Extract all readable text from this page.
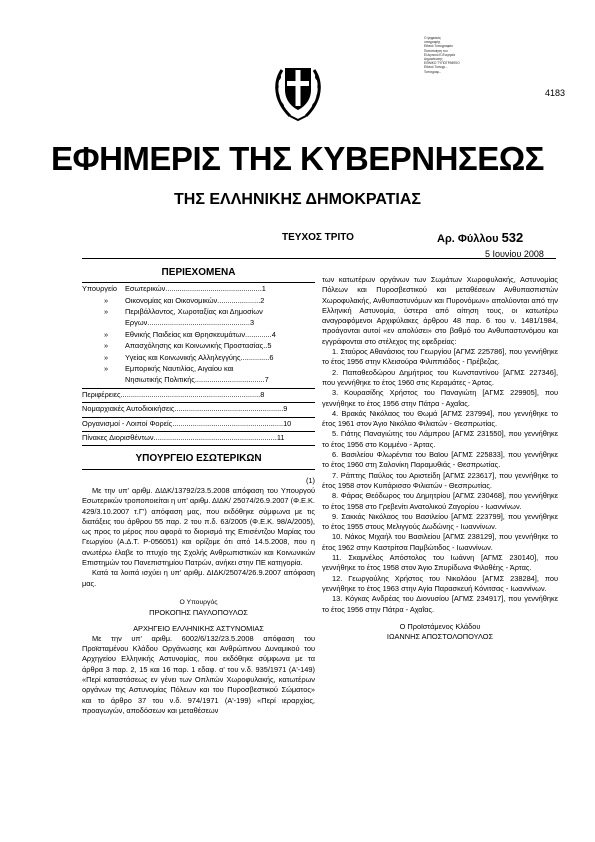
Ο ψηφιακός
υπογραφής
Εθνικό Τυπογραφείο
Πιστοποίηση του
Ελληνικού Ε-Ενεργεία
Δημοσίευσης
ΕΘΝΙΚΟ ΤΥΠΟΓΡΑΦΕΙΟ
Εθνικό Τυπογρ...
Τυπογραφ...
4183
ΕΦΗΜΕΡΙΣ ΤΗΣ ΚΥΒΕΡΝΗΣΕΩΣ
ΤΗΣ ΕΛΛΗΝΙΚΗΣ ΔΗΜΟΚΡΑΤΙΑΣ
ΤΕΥΧΟΣ ΤΡΙΤΟ	Αρ. Φύλλου 532
5 Ιουνίου 2008
ΠΕΡΙΕΧΟΜΕΝΑ
Υπουργείο Εσωτερικών...............................................1
» Οικονομίας και Οικονομικών.....................2
» Περιβάλλοντος, Χωροταξίας και Δημοσίων
Εργων..................................................3
» Εθνικής Παιδείας και Θρησκευμάτων.............4
» Απασχόλησης και Κοινωνικής Προστασίας..5
» Υγείας και Κοινωνικής Αλληλεγγύης..............6
» Εμπορικής Ναυτιλίας, Αιγαίου και
Νησιωτικής Πολιτικής..................................7
Περιφέρειες....................................................................8
Νομαρχιακές Αυτοδιοικήσεις.....................................................9
Οργανισμοί - Λοιποί Φορείς......................................................10
Πίνακες Διορισθέντων............................................................11
ΥΠΟΥΡΓΕΙΟ ΕΣΩΤΕΡΙΚΩΝ
(1)

Με την υπ' αριθμ. ΔΙΔΚ/13792/23.5.2008 απόφαση του Υπουργού Εσωτερικών τροποποιείται η υπ' αριθμ. ΔΙΔΚ/ 25074/26.9.2007 (Φ.Ε.Κ. 429/3.10.2007 τ.Γ') απόφαση μας, που εκδόθηκε σύμφωνα με τις διατάξεις του άρθρου 55 παρ. 2 του π.δ. 63/2005 (Φ.Ε.Κ. 98/Α/2005), ως προς το μέρος που αφορά το διορισμό της Επισέντζου Μαρίας του Γεωργίου (Α.Δ.Τ. Ρ-056051) και ορίζομε ότι από 14.5.2008, που η ανωτέρω έλαβε το πτυχίο της Σχολής Ανθρωπιστικών και Κοινωνικών Επιστημών του Πανεπιστημίου Πατρών, ανήκει στην ΠΕ κατηγορία.

Κατά τα λοιπά ισχύει η υπ' αριθμ. ΔΙΔΚ/25074/26.9.2007 απόφαση μας.

Ο Υπουργός
ΠΡΟΚΟΠΗΣ ΠΑΥΛΟΠΟΥΛΟΣ
ΑΡΧΗΓΕΙΟ ΕΛΛΗΝΙΚΗΣ ΑΣΤΥΝΟΜΙΑΣ

Με την υπ' αριθμ. 6002/6/132/23.5.2008 απόφαση του Προϊσταμένου Κλάδου Οργάνωσης και Ανθρώπινου Δυναμικού του Αρχηγείου Ελληνικής Αστυνομίας, που εκδόθηκε σύμφωνα με τα άρθρα 3 παρ. 2, 15 και 16 παρ. 1 εδαφ. α' του ν.δ. 935/1971 (Α'-149) «Περί καταστάσεως εν γένει των Οπλιτών Χωροφυλακής, κατωτέρων οργάνων της Αστυνομίας Πόλεων και του Πυροσβεστικού Σώματος» και το άρθρο 37 του ν.δ. 974/1971 (Α'-199) «Περί ιεραρχίας, προαγωγών, αποδόσεων και μεταθέσεων

των κατωτέρων οργάνων των Σωμάτων Χωροφυλακής, Αστυνομίας Πόλεων και Πυροσβεστικού και μεταθέσεων Ανθυπασπιστών Χωροφυλακής, Ανθυπαστυνόμων και Πυρονόμων» απολύονται από την Ελληνική Αστυνομία, ύστερα από αίτηση τους, οι κατωτέρω αναγραφόμενοι Αρχιφύλακες άρθρου 48 παρ. 6 του ν. 1481/1984, προάγονται αυτοί «εν απολύσει» στο βαθμό του Ανθυπαστυνόμου και εγγράφονται στο στέλεχος της εφεδρείας:

1. Σταύρος Αθανάσιος του Γεωργίου [ΑΓΜΣ 225786], που γεννήθηκε το έτος 1956 στην Κλεισούρα Φιλιππιάδος - Πρέβεζας.

2. Παπαθεοδώρου Δημήτριος του Κωνσταντίνου [ΑΓΜΣ 227346], που γεννήθηκε το έτος 1960 στις Κεραμάτες - Άρτας.

3. Κουρασίδης Χρήστος του Παναγιώτη [ΑΓΜΣ 229905], που γεννήθηκε το έτος 1956 στην Πάτρα - Αχαΐας.

4. Βρακάς Νικόλαος του Θωμά [ΑΓΜΣ 237994], που γεννήθηκε το έτος 1961 στον Άγιο Νικόλαο Φιλιατών - Θεσπρωτίας.

5. Γιάτης Παναγιώτης του Λάμπρου [ΑΓΜΣ 231550], που γεννήθηκε το έτος 1956 στο Κομμένο - Άρτας.

6. Βασιλείου Φλωρέντια του Βαϊου [ΑΓΜΣ 225833], που γεννήθηκε το έτος 1960 στη Σαλονίκη Παραμυθιάς - Θεσπρωτίας.

7. Ράπτης Παύλος του Αριστείδη [ΑΓΜΣ 223617], που γεννήθηκε το έτος 1958 στον Κυπάρισσο Φιλιατών - Θεσπρωτίας.

8. Φάρας Θεόδωρος του Δημητρίου [ΑΓΜΣ 230468], που γεννήθηκε το έτος 1958 στο Γρεβενίτι Ανατολικού Ζαγορίου - Ιωαννίνων.

9. Σακκάς Νικόλαος του Βασιλείου [ΑΓΜΣ 223799], που γεννήθηκε το έτος 1955 στους Μελιγγούς Δωδώνης - Ιωαννίνων.

10. Νάκος Μιχαήλ του Βασιλείου [ΑΓΜΣ 238129], που γεννήθηκε το έτος 1962 στην Καστρίτσα Παμβώτιδος - Ιωαννίνων.

11. Σκαμνέλος Απόστολος του Ιωάννη [ΑΓΜΣ 230140], που γεννήθηκε το έτος 1958 στον Άγιο Σπυρίδωνα Φιλοθέης - Άρτας.

12. Γεωργούλης Χρήστος του Νικολάου [ΑΓΜΣ 238284], που γεννήθηκε το έτος 1963 στην Αγία Παρασκευή Κόνιτσας - Ιωαννίνων.

13. Κόγκας Ανδρέας του Διονυσίου [ΑΓΜΣ 234917], που γεννήθηκε το έτος 1956 στην Πάτρα - Αχαΐας.

Ο Προϊστάμενος Κλάδου
ΙΩΑΝΝΗΣ ΑΠΟΣΤΟΛΟΠΟΥΛΟΣ
